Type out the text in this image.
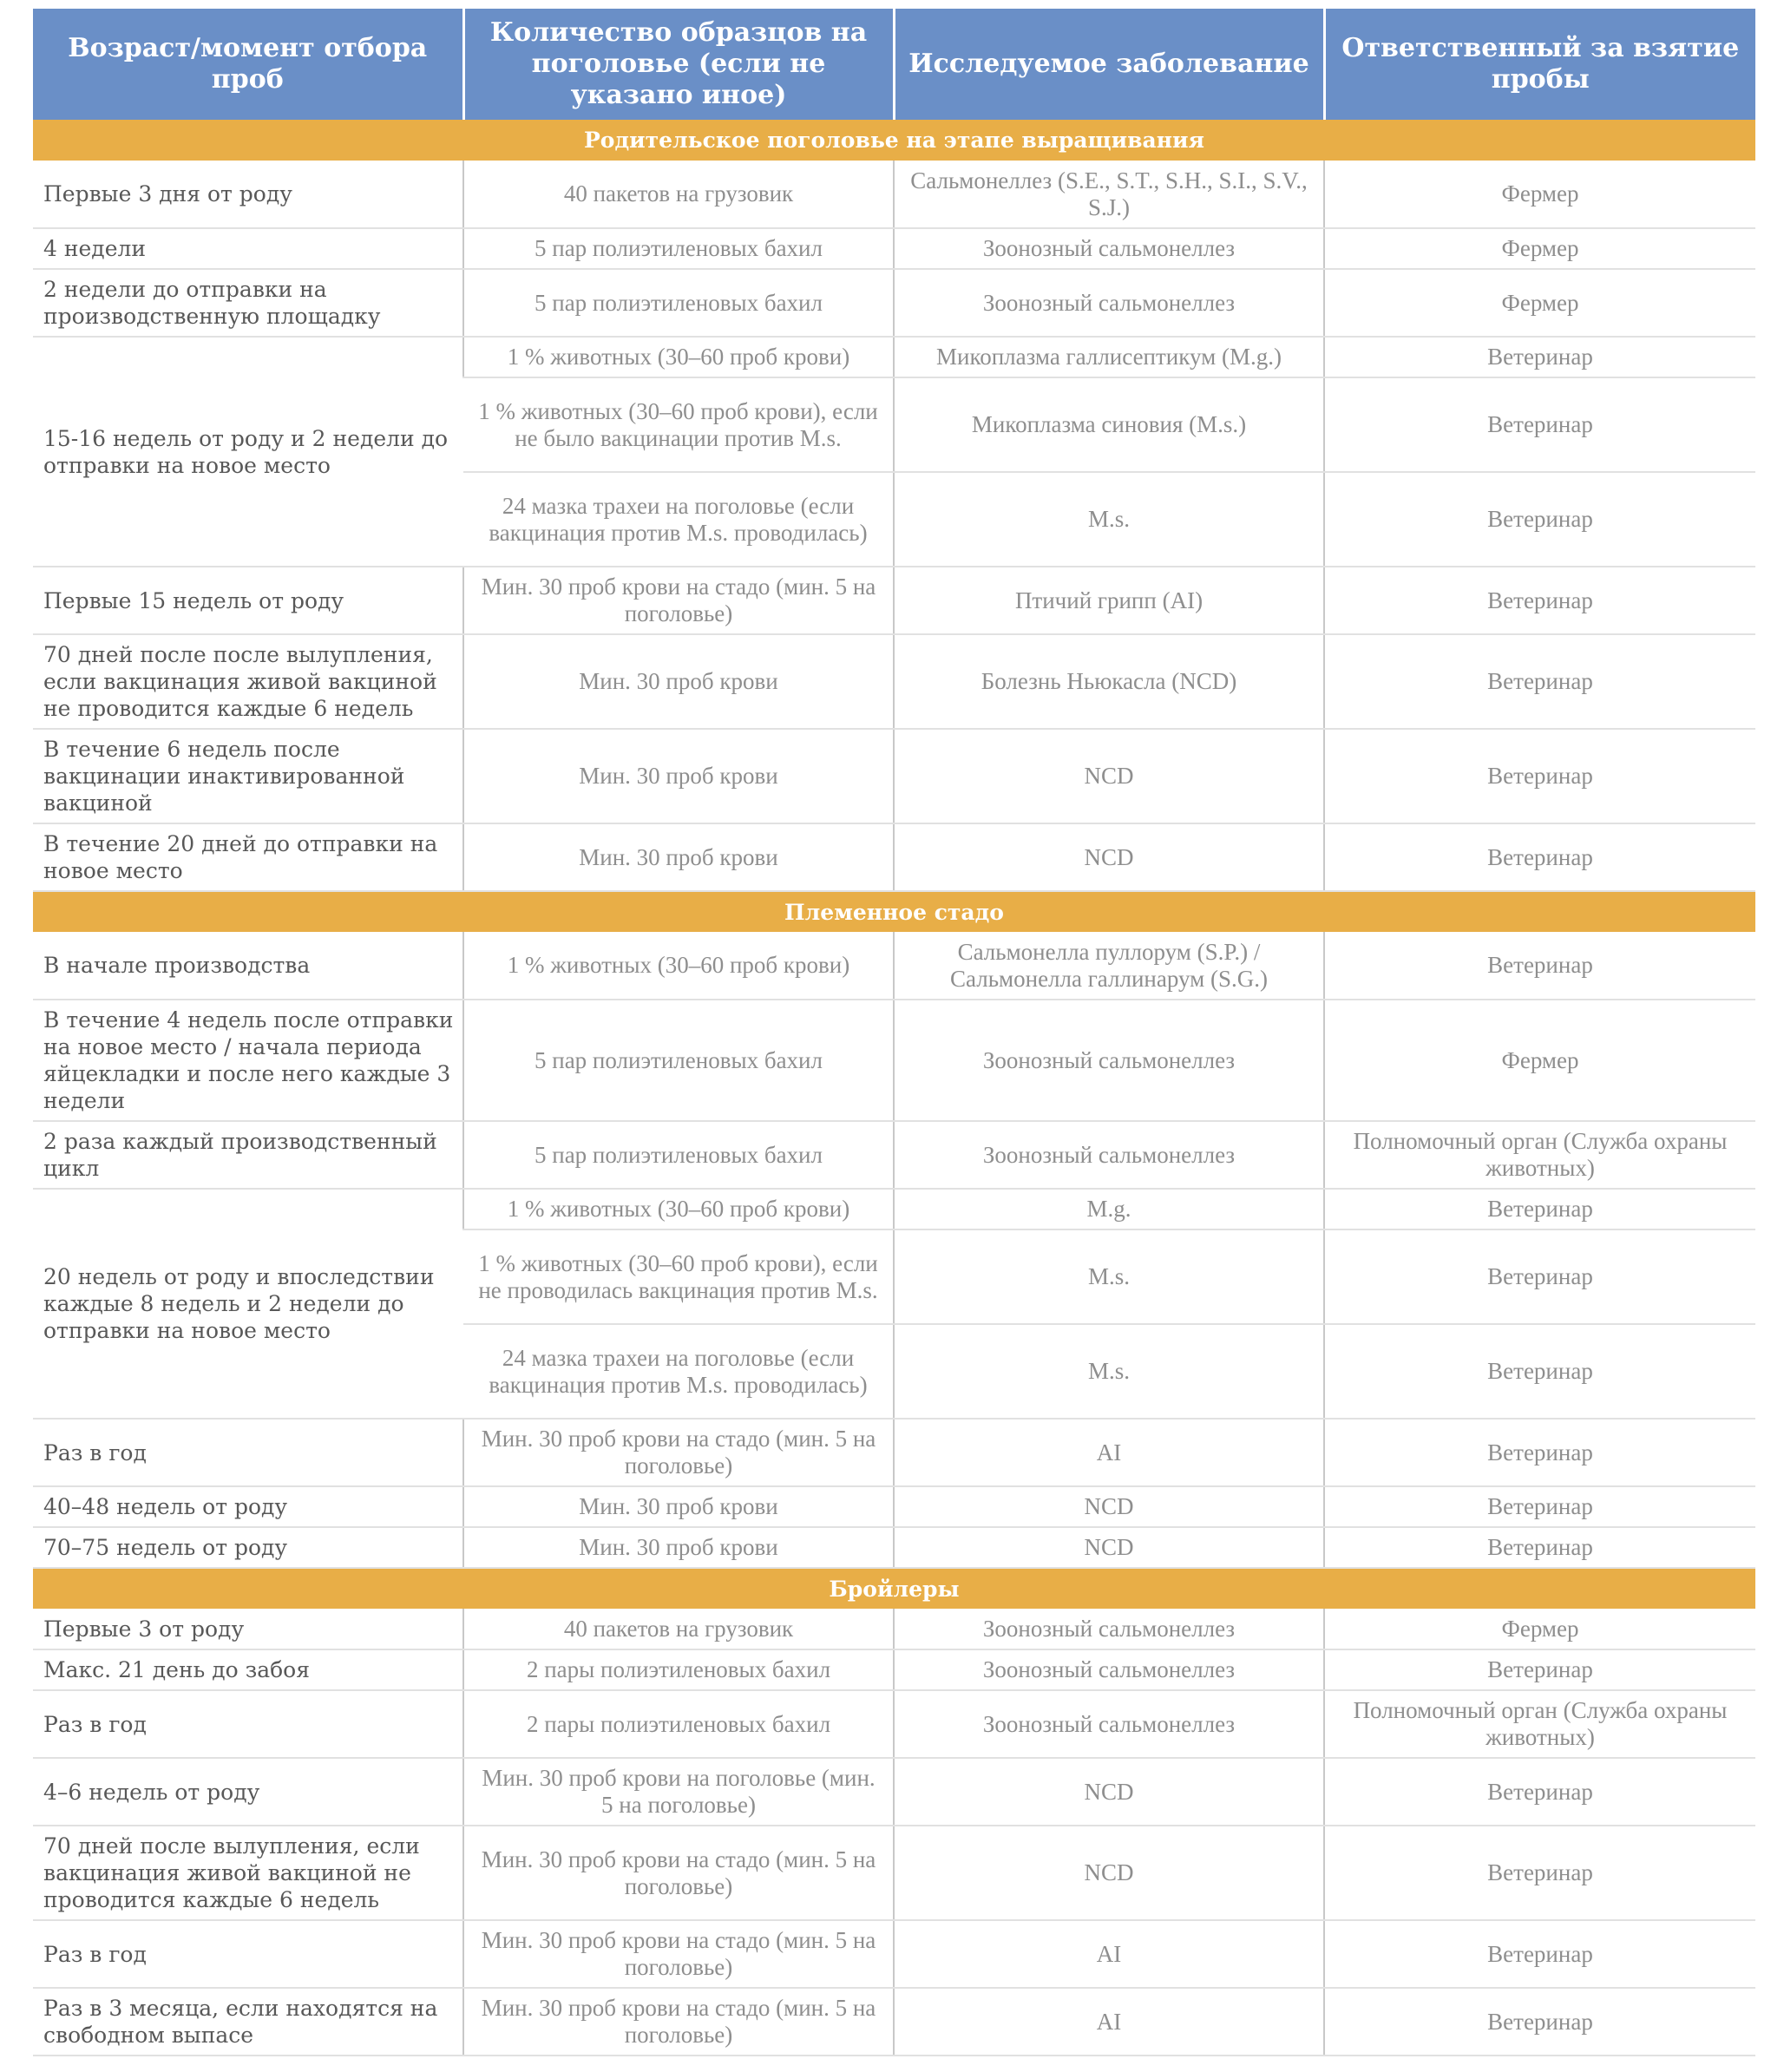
Возраст/момент отбора проб	Количество образцов на поголовье (если не указано иное)	Исследуемое заболевание	Ответственный за взятие пробы
Родительское поголовье на этапе выращивания			
Первые 3 дня от роду	40 пакетов на грузовик	Сальмонеллез (S.E., S.T., S.H., S.I., S.V., S.J.)	Фермер
4 недели	5 пар полиэтиленовых бахил	Зоонозный сальмонеллез	Фермер
2 недели до отправки на производственную площадку	5 пар полиэтиленовых бахил	Зоонозный сальмонеллез	Фермер
15-16 недель от роду и 2 недели до отправки на новое место	1 % животных (30–60 проб крови)	Микоплазма галлисептикум (M.g.)	Ветеринар
	1 % животных (30–60 проб крови), если не было вакцинации против M.s.	Микоплазма синовия (M.s.)	Ветеринар
	24 мазка трахеи на поголовье (если вакцинация против M.s. проводилась)	M.s.	Ветеринар
Первые 15 недель от роду	Мин. 30 проб крови на стадо (мин. 5 на поголовье)	Птичий грипп (AI)	Ветеринар
70 дней после после вылупления, если вакцинация живой вакциной не проводится каждые 6 недель	Мин. 30 проб крови	Болезнь Ньюкасла (NCD)	Ветеринар
В течение 6 недель после вакцинации инактивированной вакциной	Мин. 30 проб крови	NCD	Ветеринар
В течение 20 дней до отправки на новое место	Мин. 30 проб крови	NCD	Ветеринар
Племенное стадо			
В начале производства	1 % животных (30–60 проб крови)	Сальмонелла пуллорум (S.P.) / Сальмонелла галлинарум (S.G.)	Ветеринар
В течение 4 недель после отправки на новое место / начала периода яйцекладки и после него каждые 3 недели	5 пар полиэтиленовых бахил	Зоонозный сальмонеллез	Фермер
2 раза каждый производственный цикл	5 пар полиэтиленовых бахил	Зоонозный сальмонеллез	Полномочный орган (Служба охраны животных)
20 недель от роду и впоследствии каждые 8 недель и 2 недели до отправки на новое место	1 % животных (30–60 проб крови)	M.g.	Ветеринар
	1 % животных (30–60 проб крови), если не проводилась вакцинация против M.s.	M.s.	Ветеринар
	24 мазка трахеи на поголовье (если вакцинация против M.s. проводилась)	M.s.	Ветеринар
Раз в год	Мин. 30 проб крови на стадо (мин. 5 на поголовье)	AI	Ветеринар
40–48 недель от роду	Мин. 30 проб крови	NCD	Ветеринар
70–75 недель от роду	Мин. 30 проб крови	NCD	Ветеринар
Бройлеры			
Первые 3 от роду	40 пакетов на грузовик	Зоонозный сальмонеллез	Фермер
Макс. 21 день до забоя	2 пары полиэтиленовых бахил	Зоонозный сальмонеллез	Ветеринар
Раз в год	2 пары полиэтиленовых бахил	Зоонозный сальмонеллез	Полномочный орган (Служба охраны животных)
4–6 недель от роду	Мин. 30 проб крови на поголовье (мин. 5 на поголовье)	NCD	Ветеринар
70 дней после вылупления, если вакцинация живой вакциной не проводится каждые 6 недель	Мин. 30 проб крови на стадо (мин. 5 на поголовье)	NCD	Ветеринар
Раз в год	Мин. 30 проб крови на стадо (мин. 5 на поголовье)	AI	Ветеринар
Раз в 3 месяца, если находятся на свободном выпасе	Мин. 30 проб крови на стадо (мин. 5 на поголовье)	AI	Ветеринар
